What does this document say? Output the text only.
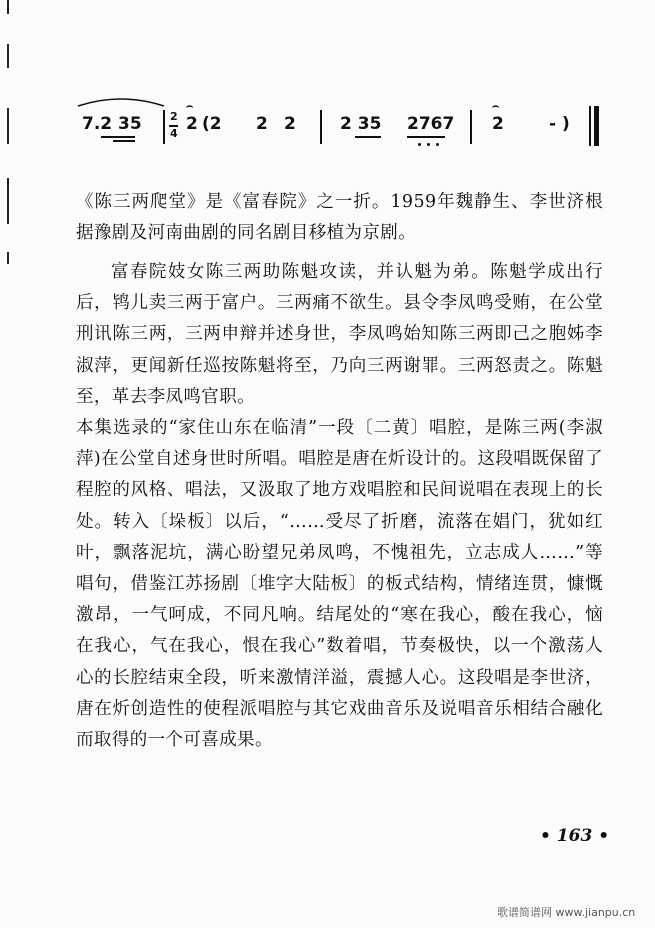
7.2 35	2
4
⌢
2 (2 2 2	2 35 2767
⌢
2	- )

《陈三两爬堂》是《富春院》之一折。1959年魏静生、李世济根据豫剧及河南曲剧的同名剧目移植为京剧。

富春院妓女陈三两助陈魁攻读，并认魁为弟。陈魁学成出行后，鸨儿卖三两于富户。三两痛不欲生。县令李凤鸣受贿，在公堂刑讯陈三两，三两申辩并述身世，李凤鸣始知陈三两即己之胞姊李淑萍，更闻新任巡按陈魁将至，乃向三两谢罪。三两怒责之。陈魁至，革去李凤鸣官职。

本集选录的“家住山东在临清”一段〔二黄〕唱腔，是陈三两(李淑萍)在公堂自述身世时所唱。唱腔是唐在炘设计的。这段唱既保留了程腔的风格、唱法，又汲取了地方戏唱腔和民间说唱在表现上的长处。转入〔垛板〕以后，“……受尽了折磨，流落在娼门，犹如红叶，飘落泥坑，满心盼望兄弟凤鸣，不愧祖先，立志成人……”等唱句，借鉴江苏扬剧〔堆字大陆板〕的板式结构，情绪连贯，慷慨激昂，一气呵成，不同凡响。结尾处的“寒在我心，酸在我心，恼在我心，气在我心，恨在我心”数着唱，节奏极快，以一个激荡人心的长腔结束全段，听来激情洋溢，震撼人心。这段唱是李世济，唐在炘创造性的使程派唱腔与其它戏曲音乐及说唱音乐相结合融化而取得的一个可喜成果。

• 163 •
歌谱简谱网 www.jianpu.cn
